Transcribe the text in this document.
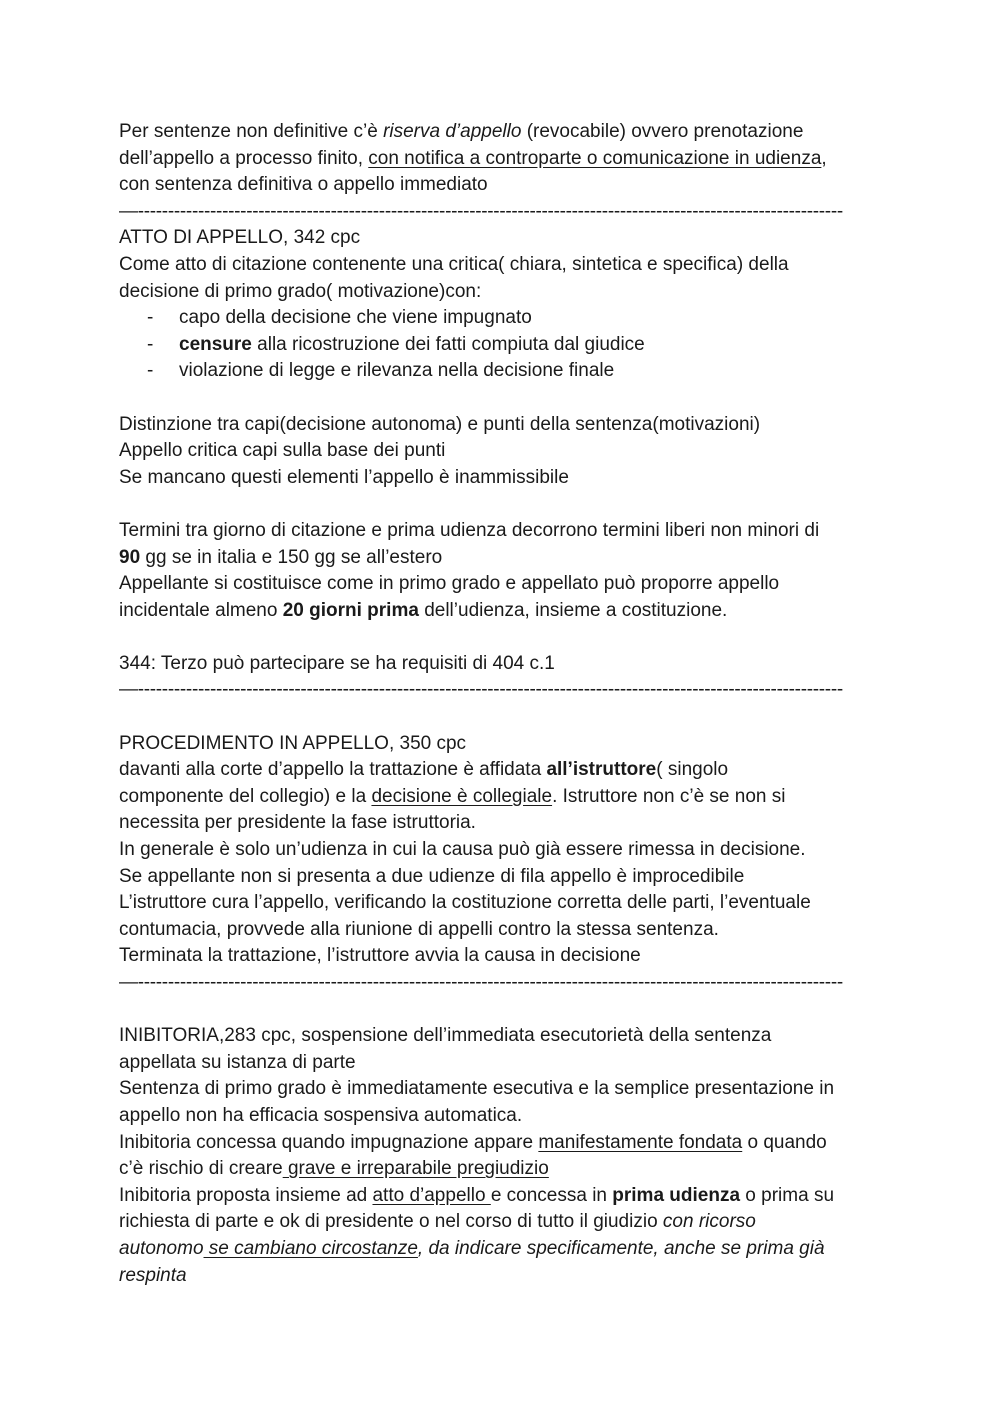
Per sentenze non definitive c’è riserva d’appello (revocabile) ovvero prenotazione
dell’appello a processo finito, con notifica a controparte o comunicazione in udienza,
con sentenza definitiva o appello immediato
—---------------------------------------------------------------------------------------------------------------------
ATTO DI APPELLO, 342 cpc
Come atto di citazione contenente una critica( chiara, sintetica e specifica) della
decisione di primo grado( motivazione)con:
- capo della decisione che viene impugnato
- censure alla ricostruzione dei fatti compiuta dal giudice
- violazione di legge e rilevanza nella decisione finale
Distinzione tra capi(decisione autonoma) e punti della sentenza(motivazioni)
Appello critica capi sulla base dei punti
Se mancano questi elementi l’appello è inammissibile
Termini tra giorno di citazione e prima udienza decorrono termini liberi non minori di
90 gg se in italia e 150 gg se all’estero
Appellante si costituisce come in primo grado e appellato può proporre appello
incidentale almeno 20 giorni prima dell’udienza, insieme a costituzione.
344: Terzo può partecipare se ha requisiti di 404 c.1
—---------------------------------------------------------------------------------------------------------------------
PROCEDIMENTO IN APPELLO, 350 cpc
davanti alla corte d’appello la trattazione è affidata all’istruttore( singolo
componente del collegio) e la decisione è collegiale. Istruttore non c’è se non si
necessita per presidente la fase istruttoria.
In generale è solo un’udienza in cui la causa può già essere rimessa in decisione.
Se appellante non si presenta a due udienze di fila appello è improcedibile
L’istruttore cura l’appello, verificando la costituzione corretta delle parti, l’eventuale
contumacia, provvede alla riunione di appelli contro la stessa sentenza.
Terminata la trattazione, l’istruttore avvia la causa in decisione
—---------------------------------------------------------------------------------------------------------------------
INIBITORIA,283 cpc, sospensione dell’immediata esecutorietà della sentenza
appellata su istanza di parte
Sentenza di primo grado è immediatamente esecutiva e la semplice presentazione in
appello non ha efficacia sospensiva automatica.
Inibitoria concessa quando impugnazione appare manifestamente fondata o quando
c’è rischio di creare grave e irreparabile pregiudizio
Inibitoria proposta insieme ad atto d’appello e concessa in prima udienza o prima su
richiesta di parte e ok di presidente o nel corso di tutto il giudizio con ricorso
autonomo se cambiano circostanze, da indicare specificamente, anche se prima già
respinta
